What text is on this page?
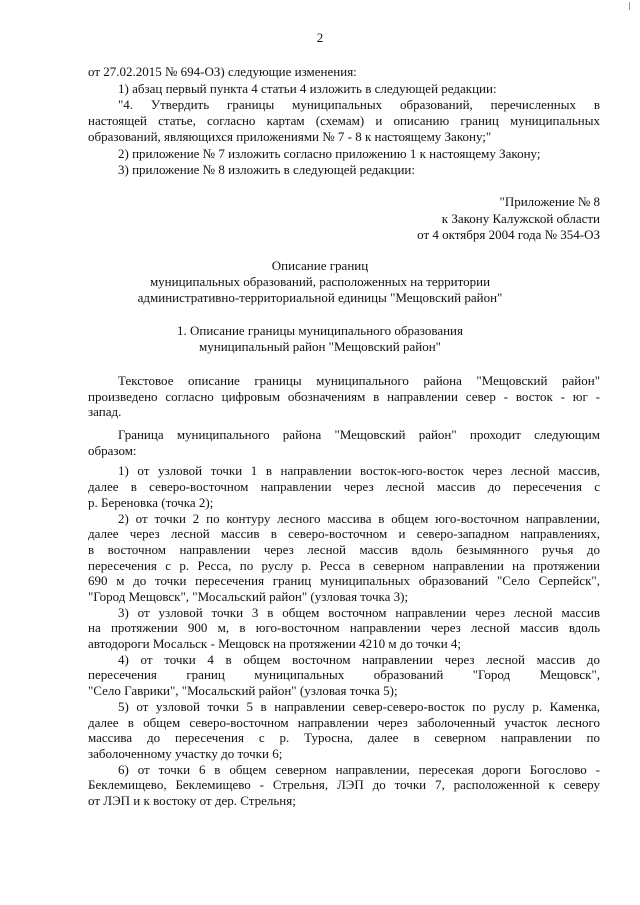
2
от 27.02.2015 № 694-ОЗ) следующие изменения:
1) абзац первый пункта 4 статьи 4 изложить в следующей редакции:
"4. Утвердить границы муниципальных образований, перечисленных в
настоящей статье, согласно картам (схемам) и описанию границ муниципальных
образований, являющихся приложениями № 7 - 8 к настоящему Закону;"
2) приложение № 7 изложить согласно приложению 1 к настоящему Закону;
3) приложение № 8 изложить в следующей редакции:
"Приложение № 8
к Закону Калужской области
от 4 октября 2004 года № 354-ОЗ
Описание границ
муниципальных образований, расположенных на территории
административно-территориальной единицы "Мещовский район"
1. Описание границы муниципального образования
муниципальный район "Мещовский район"
Текстовое описание границы муниципального района "Мещовский район"
произведено согласно цифровым обозначениям в направлении север - восток - юг -
запад.
Граница муниципального района "Мещовский район" проходит следующим
образом:
1) от узловой точки 1 в направлении восток-юго-восток через лесной массив,
далее в северо-восточном направлении через лесной массив до пересечения с
р. Береновка (точка 2);
2) от точки 2 по контуру лесного массива в общем юго-восточном направлении,
далее через лесной массив в северо-восточном и северо-западном направлениях,
в восточном направлении через лесной массив вдоль безымянного ручья до
пересечения с р. Ресса, по руслу р. Ресса в северном направлении на протяжении
690 м до точки пересечения границ муниципальных образований "Село Серпейск",
"Город Мещовск", "Мосальский район" (узловая точка 3);
3) от узловой точки 3 в общем восточном направлении через лесной массив
на протяжении 900 м, в юго-восточном направлении через лесной массив вдоль
автодороги Мосальск - Мещовск на протяжении 4210 м до точки 4;
4) от точки 4 в общем восточном направлении через лесной массив до
пересечения границ муниципальных образований "Город Мещовск",
"Село Гаврики", "Мосальский район" (узловая точка 5);
5) от узловой точки 5 в направлении север-северо-восток по руслу р. Каменка,
далее в общем северо-восточном направлении через заболоченный участок лесного
массива до пересечения с р. Туросна, далее в северном направлении по
заболоченному участку до точки 6;
6) от точки 6 в общем северном направлении, пересекая дороги Богослово -
Беклемищево, Беклемищево - Стрельня, ЛЭП до точки 7, расположенной к северу
от ЛЭП и к востоку от дер. Стрельня;
